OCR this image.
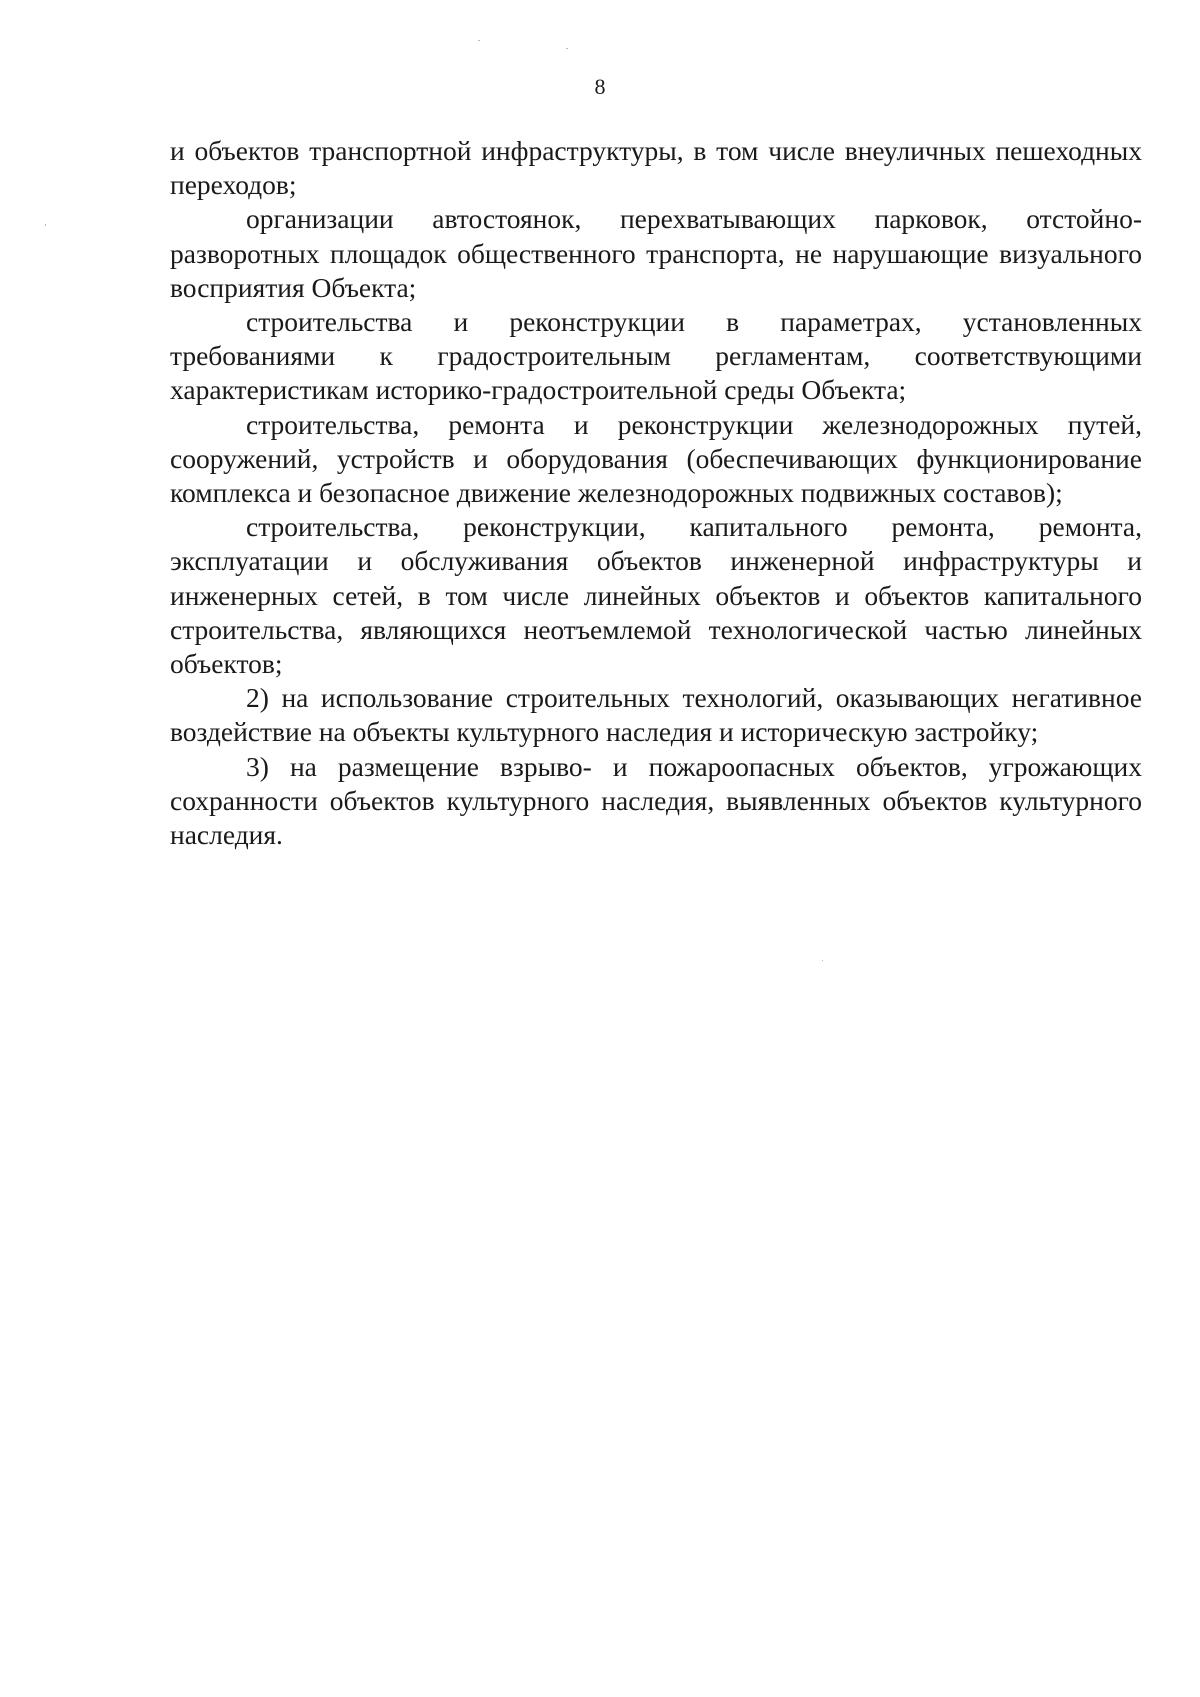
8

и объектов транспортной инфраструктуры, в том числе внеуличных пешеходных переходов;

организации автостоянок, перехватывающих парковок, отстойно-разворотных площадок общественного транспорта, не нарушающие визуального восприятия Объекта;

строительства и реконструкции в параметрах, установленных требованиями к градостроительным регламентам, соответствующими характеристикам историко-градостроительной среды Объекта;

строительства, ремонта и реконструкции железнодорожных путей, сооружений, устройств и оборудования (обеспечивающих функционирование комплекса и безопасное движение железнодорожных подвижных составов);

строительства, реконструкции, капитального ремонта, ремонта, эксплуатации и обслуживания объектов инженерной инфраструктуры и инженерных сетей, в том числе линейных объектов и объектов капитального строительства, являющихся неотъемлемой технологической частью линейных объектов;

2) на использование строительных технологий, оказывающих негативное воздействие на объекты культурного наследия и историческую застройку;

3) на размещение взрыво- и пожароопасных объектов, угрожающих сохранности объектов культурного наследия, выявленных объектов культурного наследия.
